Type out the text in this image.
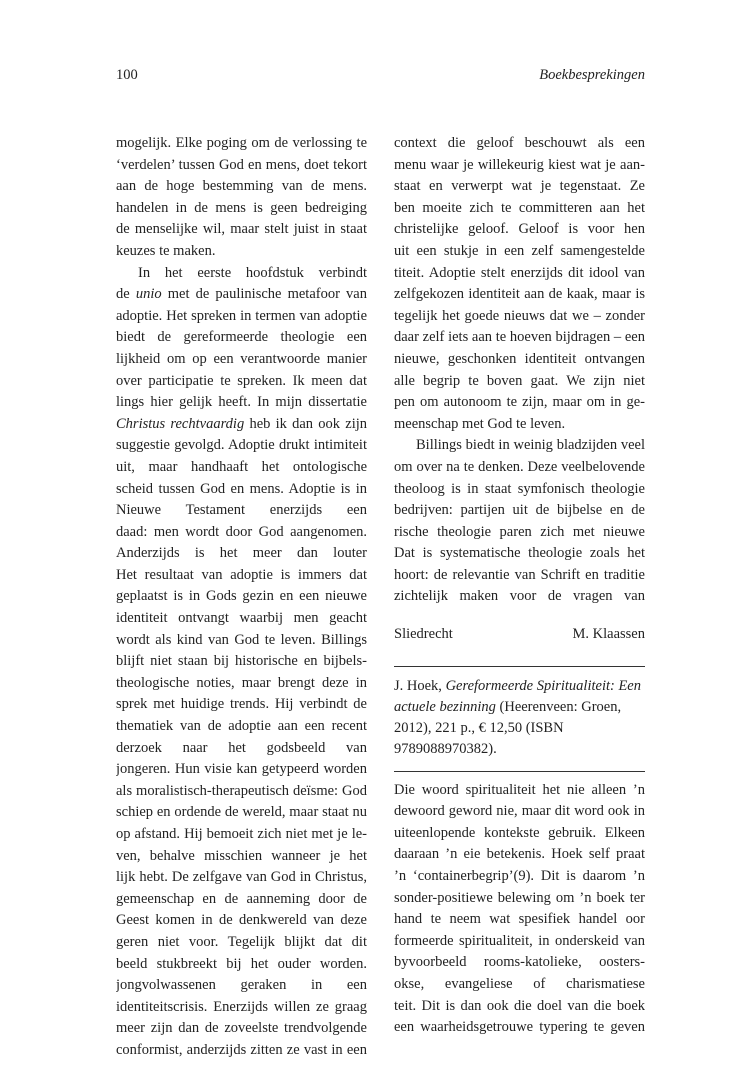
100	Boekbesprekingen
mogelijk. Elke poging om de verlossing te
‘verdelen’ tussen God en mens, doet tekort
aan de hoge bestemming van de mens.
handelen in de mens is geen bedreiging
de menselijke wil, maar stelt juist in staat
keuzes te maken.
In het eerste hoofdstuk verbindt
de unio met de paulinische metafoor van
adoptie. Het spreken in termen van adoptie
biedt de gereformeerde theologie een
lijkheid om op een verantwoorde manier
over participatie te spreken. Ik meen dat
lings hier gelijk heeft. In mijn dissertatie
Christus rechtvaardig heb ik dan ook zijn
suggestie gevolgd. Adoptie drukt intimiteit
uit, maar handhaaft het ontologische
scheid tussen God en mens. Adoptie is in
Nieuwe Testament enerzijds een
daad: men wordt door God aangenomen.
Anderzijds is het meer dan louter
Het resultaat van adoptie is immers dat
geplaatst is in Gods gezin en een nieuwe
identiteit ontvangt waarbij men geacht
wordt als kind van God te leven. Billings
blijft niet staan bij historische en bijbels-
theologische noties, maar brengt deze in
sprek met huidige trends. Hij verbindt de
thematiek van de adoptie aan een recent
derzoek naar het godsbeeld van
jongeren. Hun visie kan getypeerd worden
als moralistisch-therapeutisch deïsme: God
schiep en ordende de wereld, maar staat nu
op afstand. Hij bemoeit zich niet met je le-
ven, behalve misschien wanneer je het
lijk hebt. De zelfgave van God in Christus,
gemeenschap en de aanneming door de
Geest komen in de denkwereld van deze
geren niet voor. Tegelijk blijkt dat dit
beeld stukbreekt bij het ouder worden.
jongvolwassenen geraken in een
identiteitscrisis. Enerzijds willen ze graag
meer zijn dan de zoveelste trendvolgende
conformist, anderzijds zitten ze vast in een
context die geloof beschouwt als een
menu waar je willekeurig kiest wat je aan-
staat en verwerpt wat je tegenstaat. Ze
ben moeite zich te committeren aan het
christelijke geloof. Geloof is voor hen
uit een stukje in een zelf samengestelde
titeit. Adoptie stelt enerzijds dit idool van
zelfgekozen identiteit aan de kaak, maar is
tegelijk het goede nieuws dat we – zonder
daar zelf iets aan te hoeven bijdragen – een
nieuwe, geschonken identiteit ontvangen
alle begrip te boven gaat. We zijn niet
pen om autonoom te zijn, maar om in ge-
meenschap met God te leven.
Billings biedt in weinig bladzijden veel
om over na te denken. Deze veelbelovende
theoloog is in staat symfonisch theologie
bedrijven: partijen uit de bijbelse en de
rische theologie paren zich met nieuwe
Dat is systematische theologie zoals het
hoort: de relevantie van Schrift en traditie
zichtelijk maken voor de vragen van
Sliedrecht	M. Klaassen
J. Hoek, Gereformeerde Spiritualiteit: Een
actuele bezinning (Heerenveen: Groen,
2012), 221 p., € 12,50 (ISBN
9789088970382).
Die woord spiritualiteit het nie alleen ’n
dewoord geword nie, maar dit word ook in
uiteenlopende kontekste gebruik. Elkeen
daaraan ’n eie betekenis. Hoek self praat
’n ‘containerbegrip’(9). Dit is daarom ’n
sonder-positiewe belewing om ’n boek ter
hand te neem wat spesifiek handel oor
formeerde spiritualiteit, in onderskeid van
byvoorbeeld rooms-katolieke, oosters-
okse, evangeliese of charismatiese
teit. Dit is dan ook die doel van die boek
een waarheidsgetrouwe typering te geven
